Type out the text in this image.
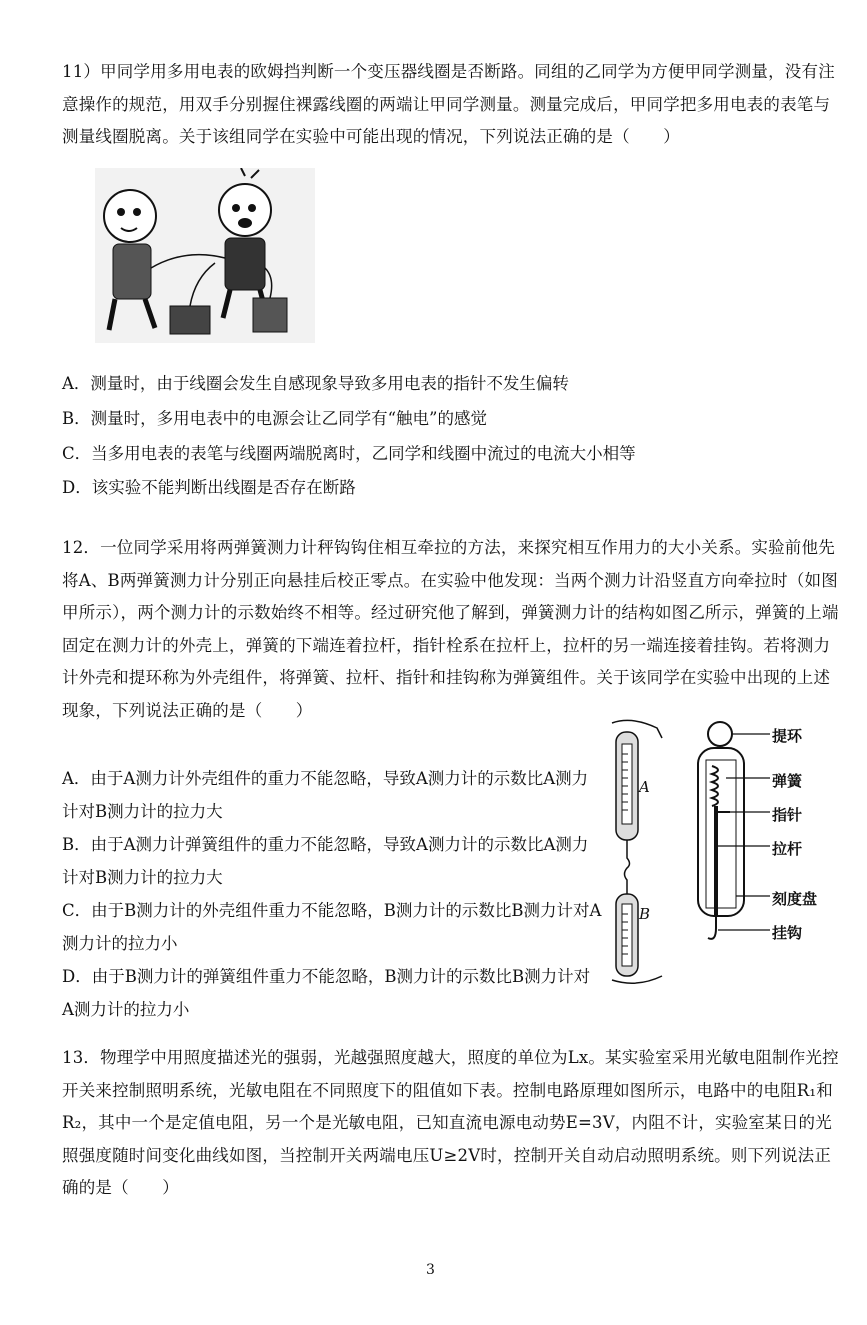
11）甲同学用多用电表的欧姆挡判断一个变压器线圈是否断路。同组的乙同学为方便甲同学测量，没有注意操作的规范，用双手分别握住裸露线圈的两端让甲同学测量。测量完成后，甲同学把多用电表的表笔与测量线圈脱离。关于该组同学在实验中可能出现的情况，下列说法正确的是（　　）

A．测量时，由于线圈会发生自感现象导致多用电表的指针不发生偏转
B．测量时，多用电表中的电源会让乙同学有“触电”的感觉
C．当多用电表的表笔与线圈两端脱离时，乙同学和线圈中流过的电流大小相等
D．该实验不能判断出线圈是否存在断路

12．一位同学采用将两弹簧测力计秤钩钩住相互牵拉的方法，来探究相互作用力的大小关系。实验前他先将A、B两弹簧测力计分别正向悬挂后校正零点。在实验中他发现：当两个测力计沿竖直方向牵拉时（如图甲所示），两个测力计的示数始终不相等。经过研究他了解到，弹簧测力计的结构如图乙所示，弹簧的上端固定在测力计的外壳上，弹簧的下端连着拉杆，指针栓系在拉杆上，拉杆的另一端连接着挂钩。若将测力计外壳和提环称为外壳组件，将弹簧、拉杆、指针和挂钩称为弹簧组件。关于该同学在实验中出现的上述现象，下列说法正确的是（　　）

A．由于A测力计外壳组件的重力不能忽略，导致A测力计的示数比A测力计对B测力计的拉力大

B．由于A测力计弹簧组件的重力不能忽略，导致A测力计的示数比A测力计对B测力计的拉力大

C．由于B测力计的外壳组件重力不能忽略，B测力计的示数比B测力计对A测力计的拉力小

D．由于B测力计的弹簧组件重力不能忽略，B测力计的示数比B测力计对A测力计的拉力小

A
B
提环
弹簧
指针
拉杆
刻度盘
挂钩

13．物理学中用照度描述光的强弱，光越强照度越大，照度的单位为Lx。某实验室采用光敏电阻制作光控开关来控制照明系统，光敏电阻在不同照度下的阻值如下表。控制电路原理如图所示，电路中的电阻R₁和R₂，其中一个是定值电阻，另一个是光敏电阻，已知直流电源电动势E=3V，内阻不计，实验室某日的光照强度随时间变化曲线如图，当控制开关两端电压U≥2V时，控制开关自动启动照明系统。则下列说法正确的是（　　）

3
